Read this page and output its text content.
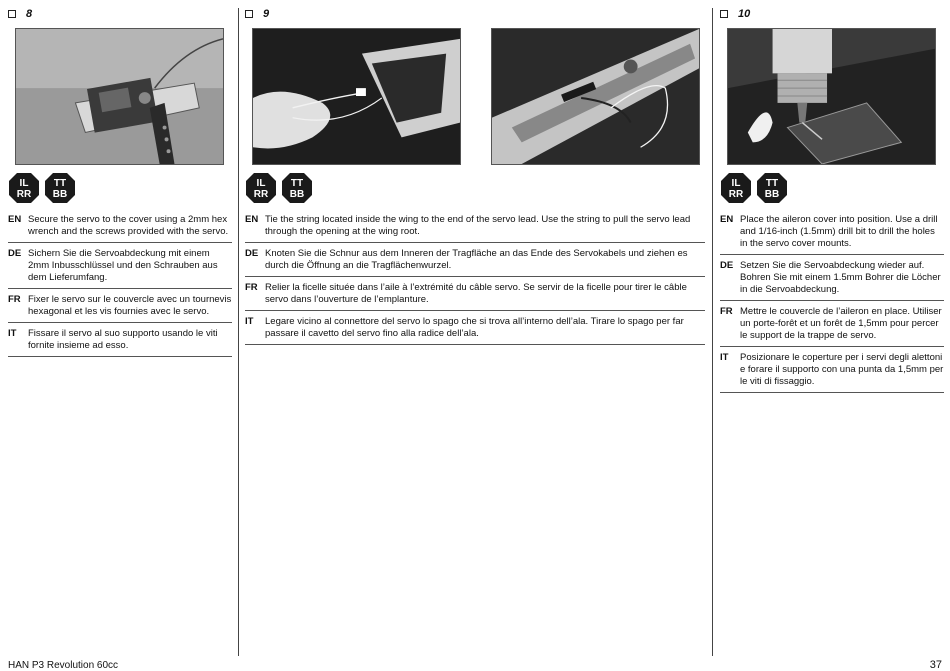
8
IL
RR
TT
BB
EN Secure the servo to the cover using a 2mm hex wrench and the screws provided with the servo.
DE Sichern Sie die Servoabdeckung mit einem 2mm Inbusschlüssel und den Schrauben aus dem Lieferumfang.
FR Fixer le servo sur le couvercle avec un tournevis hexagonal et les vis fournies avec le servo.
IT	Fissare il servo al suo supporto usando le viti fornite insieme ad esso.
9
IL
RR
TT
BB
EN Tie the string located inside the wing to the end of the servo lead. Use the string to pull the servo lead through the opening at the wing root.
DE Knoten Sie die Schnur aus dem Inneren der Tragfläche an das Ende des Servokabels und ziehen es durch die Öffnung an die Tragflächenwurzel.
FR Relier la ficelle située dans l’aile à l’extrémité du câble servo. Se servir de la ficelle pour tirer le câble servo dans l’ouverture de l’emplanture.
IT	Legare vicino al connettore del servo lo spago che si trova all’interno dell’ala. Tirare lo spago per far passare il cavetto del servo fino alla radice dell’ala.
10
IL
RR
TT
BB
EN Place the aileron cover into position. Use a drill and 1/16-inch (1.5mm) drill bit to drill the holes in the servo cover mounts.
DE Setzen Sie die Servoabdeckung wieder auf. Bohren Sie mit einem 1.5mm Bohrer die Löcher in die Servoabdeckung.
FR Mettre le couvercle de l’aileron en place. Utiliser un porte-forêt et un forêt de 1,5mm pour percer le support de la trappe de servo.
IT	Posizionare le coperture per i servi degli alettoni e forare il supporto con una punta da 1,5mm per le viti di fissaggio.
HAN P3 Revolution 60cc	37
